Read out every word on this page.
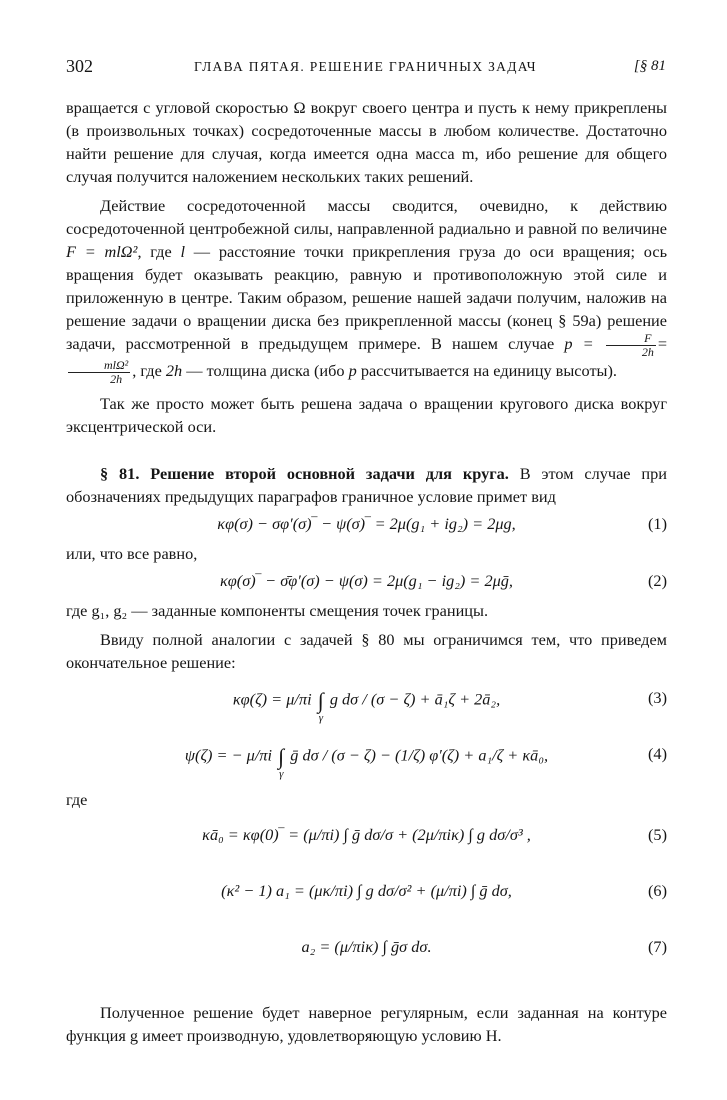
302	ГЛАВА ПЯТАЯ. РЕШЕНИЕ ГРАНИЧНЫХ ЗАДАЧ	[§ 81

вращается с угловой скоростью Ω вокруг своего центра и пусть к нему прикреплены (в произвольных точках) сосредоточенные массы в любом количестве. Достаточно найти решение для случая, когда имеется одна масса m, ибо решение для общего случая получится наложением нескольких таких решений.

Действие сосредоточенной массы сводится, очевидно, к действию сосредоточенной центробежной силы, направленной радиально и равной по величине F = mlΩ², где l — расстояние точки прикрепления груза до оси вращения; ось вращения будет оказывать реакцию, равную и противоположную этой силе и приложенную в центре. Таким образом, решение нашей задачи получим, наложив на решение задачи о вращении диска без прикрепленной массы (конец § 59а) решение задачи, рассмотренной в предыдущем примере. В нашем случае $p = \frac{F}{2h}$ =
$\frac{\text{mlΩ²}}{2h}$ , где 2h — толщина диска (ибо p рассчитывается на единицу высоты).

Так же просто может быть решена задача о вращении кругового диска вокруг эксцентрической оси.

§ 81. Решение второй основной задачи для круга. В этом случае при обозначениях предыдущих параграфов граничное условие примет вид

κφ(σ) − σφ′(σ)‾ − ψ(σ)‾ = 2μ(g₁ + ig₂) = 2μg,	(1)

или, что все равно,

κφ(σ)‾ − σ̄φ′(σ) − ψ(σ) = 2μ(g₁ − ig₂) = 2μḡ,	(2)

где g₁, g₂ — заданные компоненты смещения точек границы.

Ввиду полной аналогии с задачей § 80 мы ограничимся тем, что приведем окончательное решение:

κφ(ζ) = μ/πi ∫
γ
g dσ / (σ − ζ) + ā₁ζ + 2ā₂,	(3)
ψ(ζ) = − μ/πi ∫
γ
ḡ dσ / (σ − ζ) − (1/ζ) φ′(ζ) + a₁/ζ + κā₀,	(4)

где

κā₀ = κφ(0)‾ = (μ/πi) ∫ ḡ dσ/σ + (2μ/πiκ) ∫ g dσ/σ³ ,	(5)
(κ² − 1) a₁ = (μκ/πi) ∫ g dσ/σ² + (μ/πi) ∫ ḡ dσ,	(6)
a₂ = (μ/πiκ) ∫ ḡσ dσ.	(7)

Полученное решение будет наверное регулярным, если заданная на контуре функция g имеет производную, удовлетворяющую условию H.
